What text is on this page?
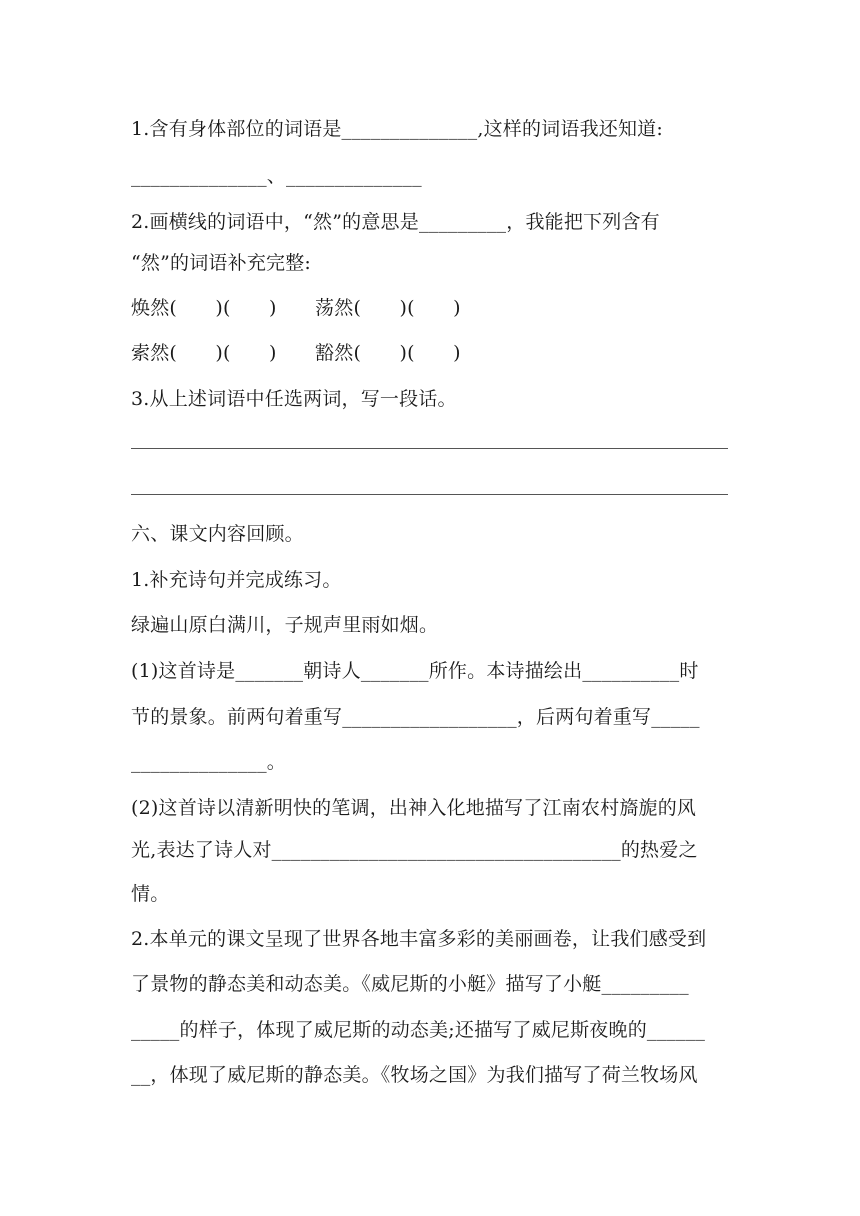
1.含有身体部位的词语是______________,这样的词语我还知道:
______________、______________
2.画横线的词语中，“然”的意思是_________，我能把下列含有
“然”的词语补充完整:
焕然(　　)(　　)　　荡然(　　)(　　)
索然(　　)(　　)　　豁然(　　)(　　)
3.从上述词语中任选两词，写一段话。
六、课文内容回顾。
1.补充诗句并完成练习。
绿遍山原白满川，子规声里雨如烟。
(1)这首诗是_______朝诗人_______所作。本诗描绘出__________时
节的景象。前两句着重写__________________，后两句着重写_____
______________。
(2)这首诗以清新明快的笔调，出神入化地描写了江南农村旖旎的风
光,表达了诗人对____________________________________的热爱之
情。
2.本单元的课文呈现了世界各地丰富多彩的美丽画卷，让我们感受到
了景物的静态美和动态美。《威尼斯的小艇》描写了小艇_________
_____的样子，体现了威尼斯的动态美;还描写了威尼斯夜晚的______
__，体现了威尼斯的静态美。《牧场之国》为我们描写了荷兰牧场风
